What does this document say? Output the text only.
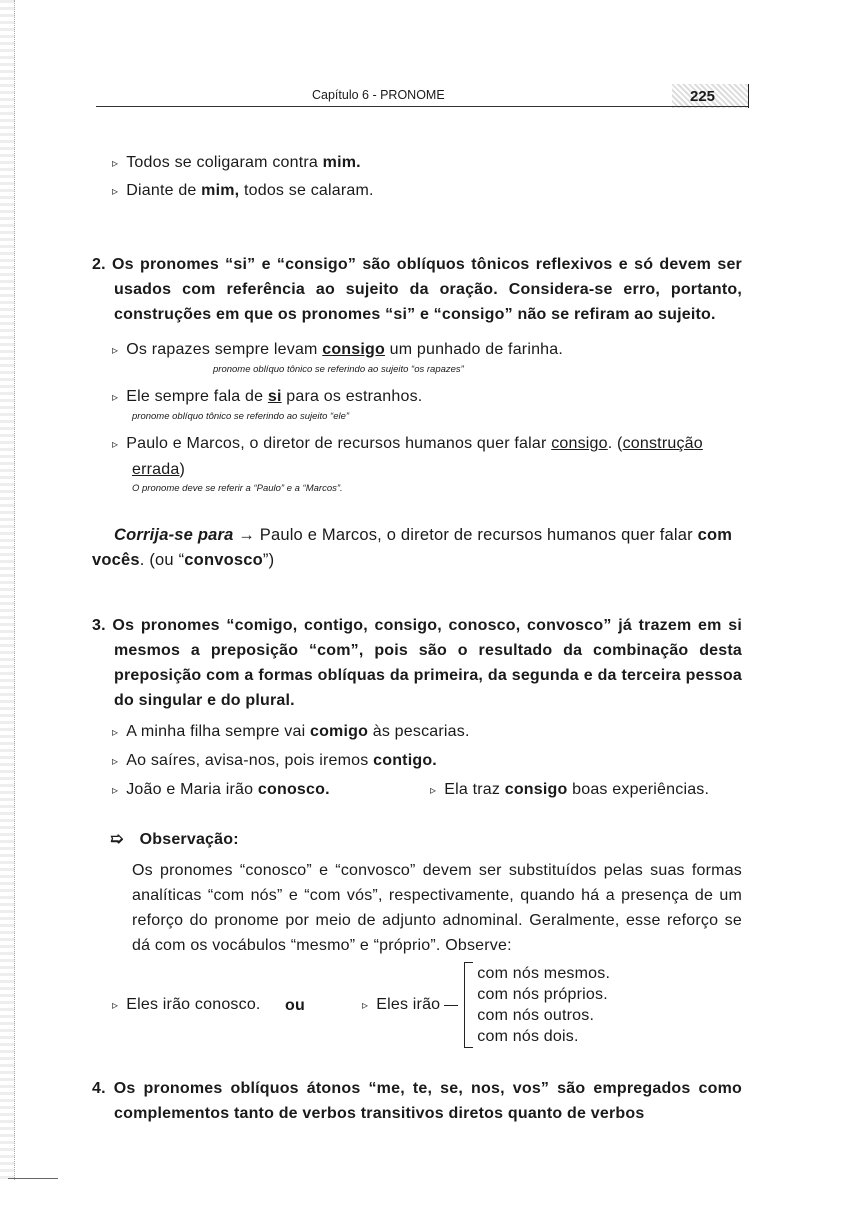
Capítulo 6 - PRONOME	225
▹ Todos se coligaram contra mim.
▹ Diante de mim, todos se calaram.
2. Os pronomes “si” e “consigo” são oblíquos tônicos reflexivos e só devem ser usados com referência ao sujeito da oração. Considera-se erro, portanto, construções em que os pronomes “si” e “consigo” não se refiram ao sujeito.
▹ Os rapazes sempre levam consigo um punhado de farinha.
pronome oblíquo tônico se referindo ao sujeito “os rapazes”
▹ Ele sempre fala de si para os estranhos.
pronome oblíquo tônico se referindo ao sujeito “ele”
▹ Paulo e Marcos, o diretor de recursos humanos quer falar consigo. (construção errada)
O pronome deve se referir a “Paulo” e a “Marcos”.
Corrija-se para → Paulo e Marcos, o diretor de recursos humanos quer falar com vocês. (ou “convosco”)
3. Os pronomes “comigo, contigo, consigo, conosco, convosco” já trazem em si mesmos a preposição “com”, pois são o resultado da combinação desta preposição com a formas oblíquas da primeira, da segunda e da terceira pessoa do singular e do plural.
▹ A minha filha sempre vai comigo às pescarias.
▹ Ao saíres, avisa-nos, pois iremos contigo.
▹ João e Maria irão conosco.	▹ Ela traz consigo boas experiências.
➯ Observação:
Os pronomes “conosco” e “convosco” devem ser substituídos pelas suas formas analíticas “com nós” e “com vós”, respectivamente, quando há a presença de um reforço do pronome por meio de adjunto adnominal. Geralmente, esse reforço se dá com os vocábulos “mesmo” e “próprio”. Observe:
▹ Eles irão conosco.	ou	▹ Eles irão
com nós mesmos.
com nós próprios.
com nós outros.
com nós dois.
4. Os pronomes oblíquos átonos “me, te, se, nos, vos” são empregados como complementos tanto de verbos transitivos diretos quanto de verbos
